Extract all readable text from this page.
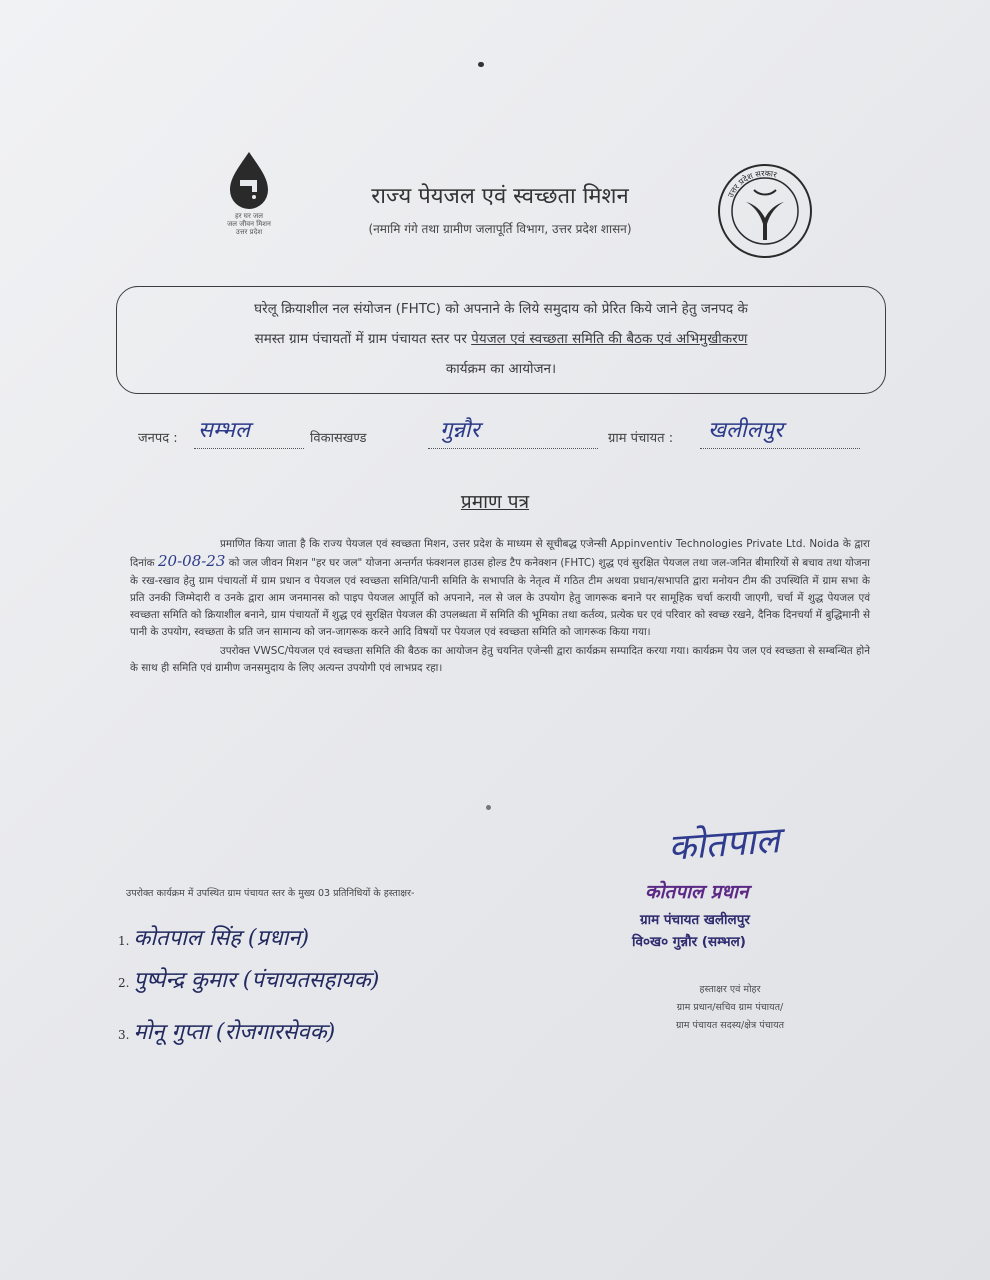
हर घर जल
जल जीवन मिशन
उत्तर प्रदेश
राज्य पेयजल एवं स्वच्छता मिशन
(नमामि गंगे तथा ग्रामीण जलापूर्ति विभाग, उत्तर प्रदेश शासन)
उत्तर प्रदेश सरकार
घरेलू क्रियाशील नल संयोजन (FHTC) को अपनाने के लिये समुदाय को प्रेरित किये जाने हेतु जनपद के
समस्त ग्राम पंचायतों में ग्राम पंचायत स्तर पर पेयजल एवं स्वच्छता समिति की बैठक एवं अभिमुखीकरण
कार्यक्रम का आयोजन।
जनपद : सम्भल	विकासखण्ड	गुन्नौर	ग्राम पंचायत : खलीलपुर
प्रमाण पत्र

प्रमाणित किया जाता है कि राज्य पेयजल एवं स्वच्छता मिशन, उत्तर प्रदेश के माध्यम से सूचीबद्ध एजेन्सी Appinventiv Technologies Private Ltd. Noida के द्वारा दिनांक 20-08-23 को जल जीवन मिशन "हर घर जल" योजना अन्तर्गत फंक्शनल हाउस होल्ड टैप कनेक्शन (FHTC) शुद्ध एवं सुरक्षित पेयजल तथा जल-जनित बीमारियों से बचाव तथा योजना के रख-रखाव हेतु ग्राम पंचायतों में ग्राम प्रधान व पेयजल एवं स्वच्छता समिति/पानी समिति के सभापति के नेतृत्व में गठित टीम अथवा प्रधान/सभापति द्वारा मनोयन टीम की उपस्थिति में ग्राम सभा के प्रति उनकी जिम्मेदारी व उनके द्वारा आम जनमानस को पाइप पेयजल आपूर्ति को अपनाने, नल से जल के उपयोग हेतु जागरूक बनाने पर सामूहिक चर्चा करायी जाएगी, चर्चा में शुद्ध पेयजल एवं स्वच्छता समिति को क्रियाशील बनाने, ग्राम पंचायतों में शुद्ध एवं सुरक्षित पेयजल की उपलब्धता में समिति की भूमिका तथा कर्तव्य, प्रत्येक घर एवं परिवार को स्वच्छ रखने, दैनिक दिनचर्या में बुद्धिमानी से पानी के उपयोग, स्वच्छता के प्रति जन सामान्य को जन-जागरूक करने आदि विषयों पर पेयजल एवं स्वच्छता समिति को जागरूक किया गया।

उपरोक्त VWSC/पेयजल एवं स्वच्छता समिति की बैठक का आयोजन हेतु चयनित एजेन्सी द्वारा कार्यक्रम सम्पादित करया गया। कार्यक्रम पेय जल एवं स्वच्छता से सम्बन्धित होने के साथ ही समिति एवं ग्रामीण जनसमुदाय के लिए अत्यन्त उपयोगी एवं लाभप्रद रहा।

कोतपाल
कोतपाल प्रधान
ग्राम पंचायत खलीलपुर
वि०ख० गुन्नौर (सम्भल)
हस्ताक्षर एवं मोहर
ग्राम प्रधान/सचिव ग्राम पंचायत/
ग्राम पंचायत सदस्य/क्षेत्र पंचायत
उपरोक्त कार्यक्रम में उपस्थित ग्राम पंचायत स्तर के मुख्य 03 प्रतिनिधियों के हस्ताक्षर-
1. कोतपाल सिंह (प्रधान)
2. पुष्पेन्द्र कुमार (पंचायतसहायक)
3. मोनू गुप्ता (रोजगारसेवक)
